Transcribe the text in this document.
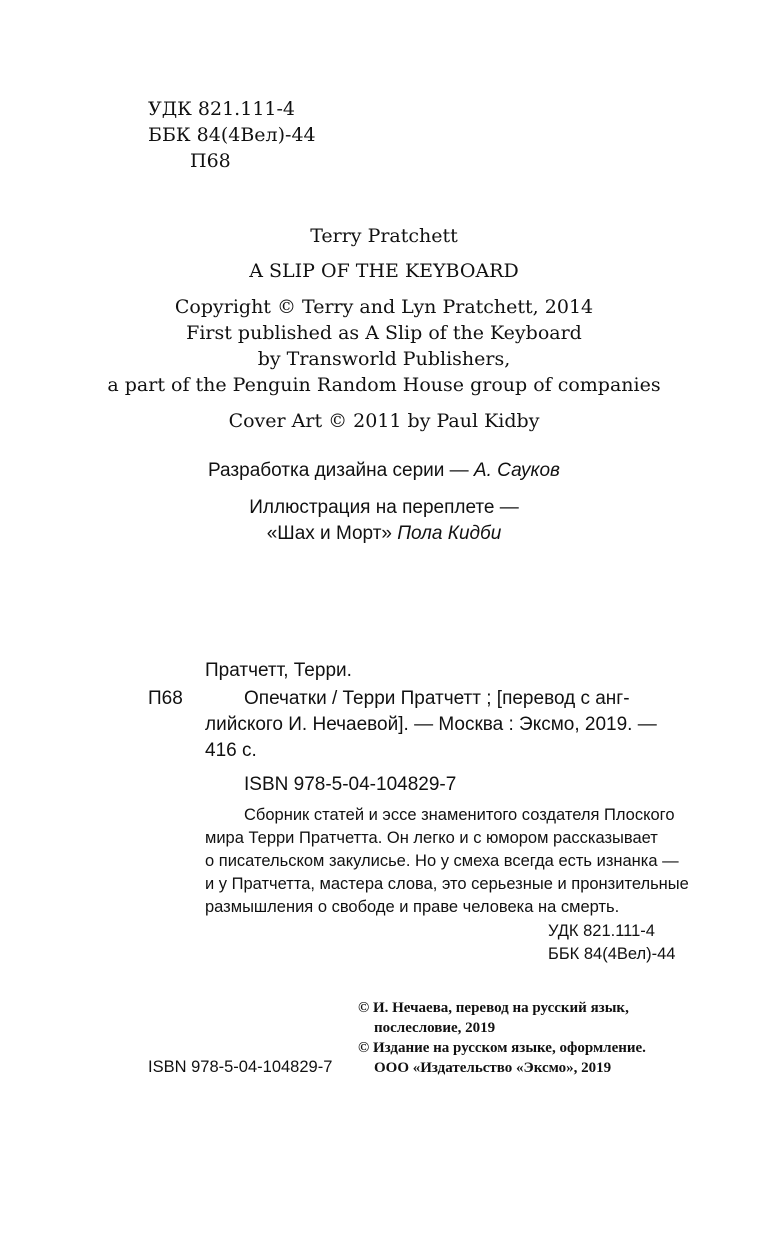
УДК 821.111-4
ББК 84(4Вел)-44
П68
Terry Pratchett
A SLIP OF THE KEYBOARD
Copyright © Terry and Lyn Pratchett, 2014
First published as A Slip of the Keyboard
by Transworld Publishers,
a part of the Penguin Random House group of companies
Cover Art © 2011 by Paul Kidby
Разработка дизайна серии — А. Сауков
Иллюстрация на переплете —
«Шах и Морт» Пола Кидби
Пратчетт, Терри.
П68	Опечатки / Терри Пратчетт ; [перевод с анг-
лийского И. Нечаевой]. — Москва : Эксмо, 2019. —
416 с.
ISBN 978-5-04-104829-7
Сборник статей и эссе знаменитого создателя Плоского
мира Терри Пратчетта. Он легко и с юмором рассказывает
о писательском закулисье. Но у смеха всегда есть изнанка —
и у Пратчетта, мастера слова, это серьезные и пронзительные
размышления о свободе и праве человека на смерть.
УДК 821.111-4
ББК 84(4Вел)-44
© И. Нечаева, перевод на русский язык,
послесловие, 2019
© Издание на русском языке, оформление.
ООО «Издательство «Эксмо», 2019
ISBN 978-5-04-104829-7
